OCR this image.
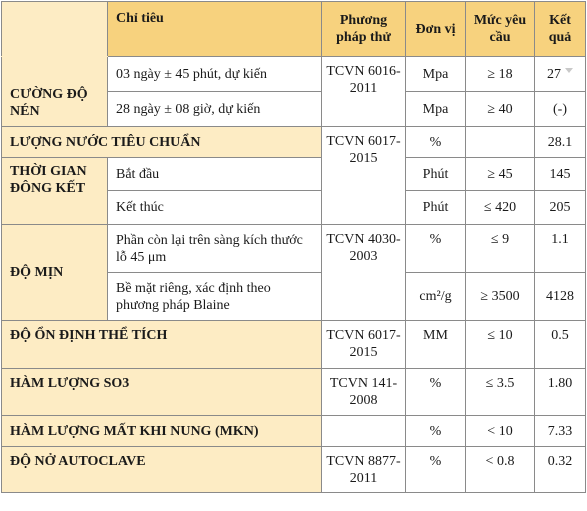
	Chỉ tiêu	Phương pháp thử	Đơn vị	Mức yêu cầu	Kết quả
CƯỜNG ĐỘ NÉN	03 ngày ± 45 phút, dự kiến	TCVN 6016-2011	Mpa	≥ 18	27
	28 ngày ± 08 giờ, dự kiến		Mpa	≥ 40	(-)
LƯỢNG NƯỚC TIÊU CHUẨN		TCVN 6017-2015	%		28.1
THỜI GIAN ĐÔNG KẾT	Bắt đầu		Phút	≥ 45	145
	Kết thúc		Phút	≤ 420	205
ĐỘ MỊN	Phần còn lại trên sàng kích thước lỗ 45 μm	TCVN 4030-2003	%	≤ 9	1.1
	Bề mặt riêng, xác định theo phương pháp Blaine		cm²/g	≥ 3500	4128
ĐỘ ỔN ĐỊNH THỂ TÍCH		TCVN 6017-2015	MM	≤ 10	0.5
HÀM LƯỢNG SO3		TCVN 141-2008	%	≤ 3.5	1.80
HÀM LƯỢNG MẤT KHI NUNG (MKN)			%	< 10	7.33
ĐỘ NỞ AUTOCLAVE		TCVN 8877-2011	%	< 0.8	0.32
